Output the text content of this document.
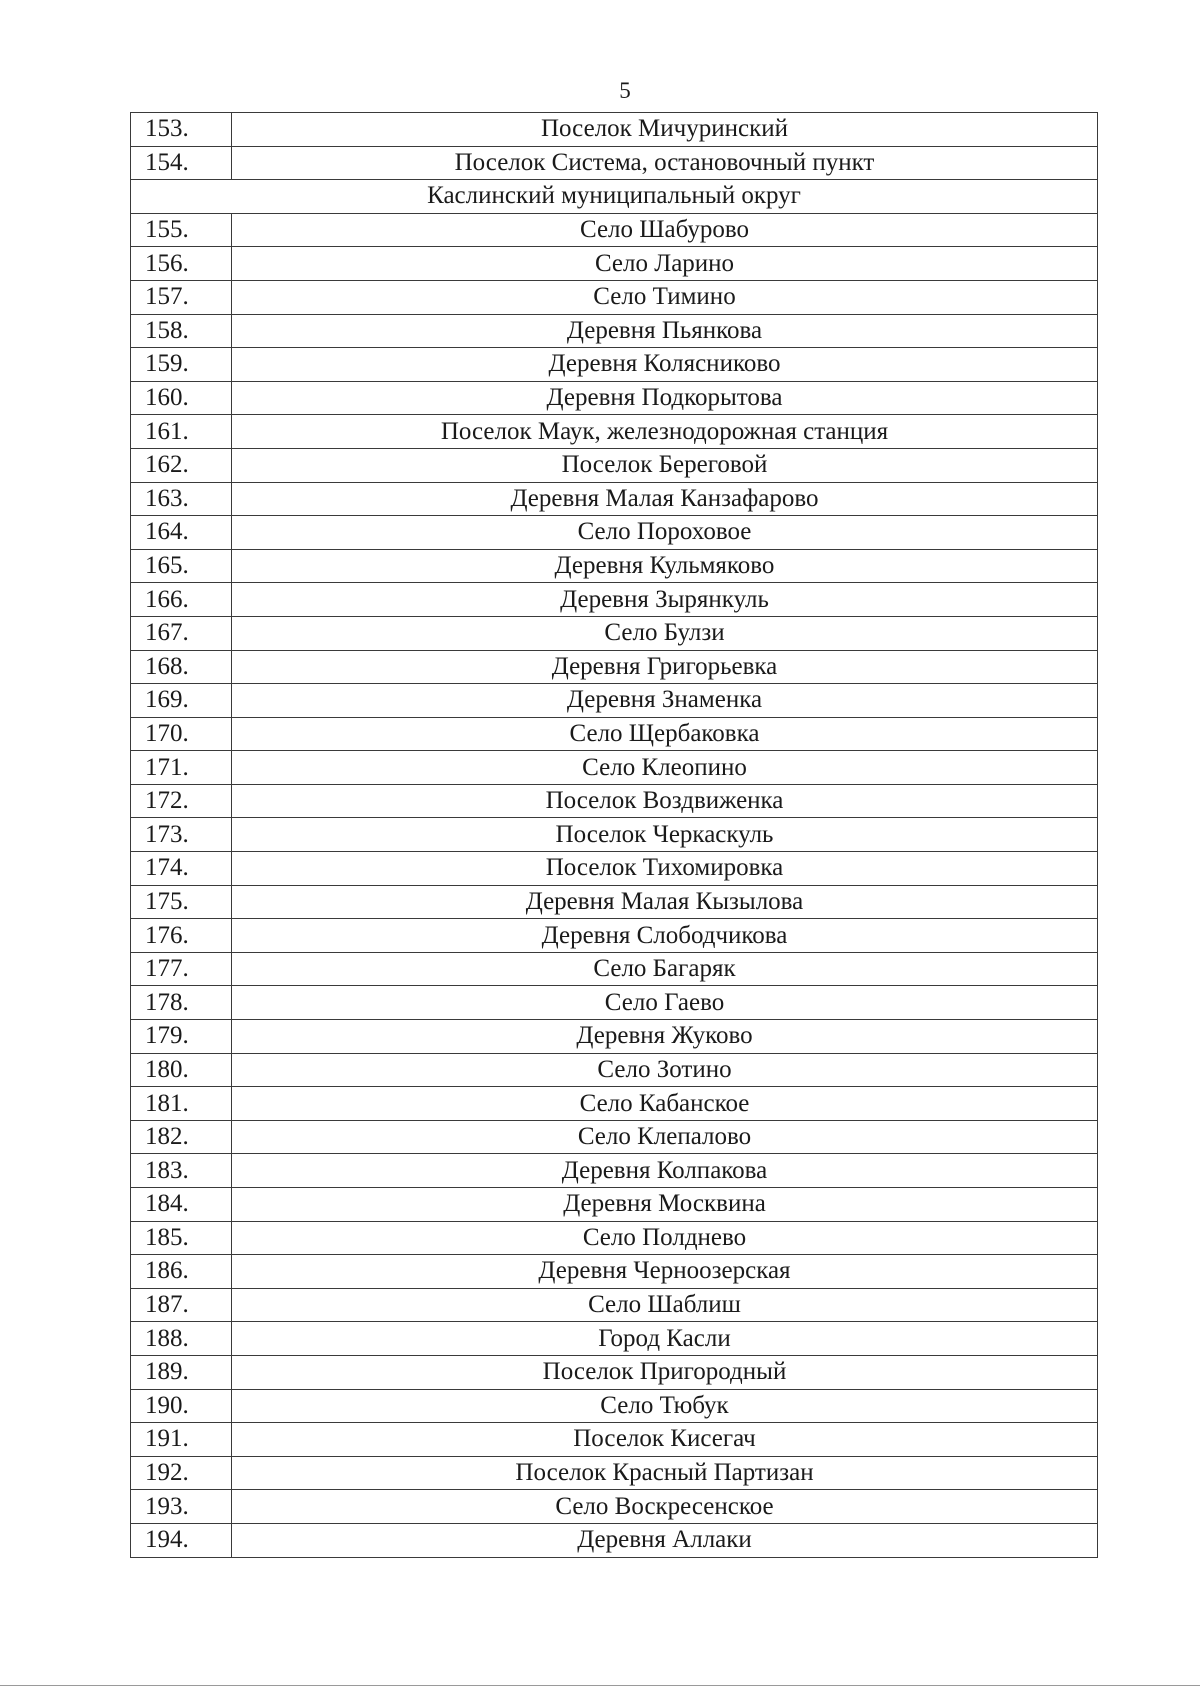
5
153.	Поселок Мичуринский
154.	Поселок Система, остановочный пункт
Каслинский муниципальный округ	
155.	Село Шабурово
156.	Село Ларино
157.	Село Тимино
158.	Деревня Пьянкова
159.	Деревня Колясниково
160.	Деревня Подкорытова
161.	Поселок Маук, железнодорожная станция
162.	Поселок Береговой
163.	Деревня Малая Канзафарово
164.	Село Пороховое
165.	Деревня Кульмяково
166.	Деревня Зырянкуль
167.	Село Булзи
168.	Деревня Григорьевка
169.	Деревня Знаменка
170.	Село Щербаковка
171.	Село Клеопино
172.	Поселок Воздвиженка
173.	Поселок Черкаскуль
174.	Поселок Тихомировка
175.	Деревня Малая Кызылова
176.	Деревня Слободчикова
177.	Село Багаряк
178.	Село Гаево
179.	Деревня Жуково
180.	Село Зотино
181.	Село Кабанское
182.	Село Клепалово
183.	Деревня Колпакова
184.	Деревня Москвина
185.	Село Полднево
186.	Деревня Черноозерская
187.	Село Шаблиш
188.	Город Касли
189.	Поселок Пригородный
190.	Село Тюбук
191.	Поселок Кисегач
192.	Поселок Красный Партизан
193.	Село Воскресенское
194.	Деревня Аллаки
